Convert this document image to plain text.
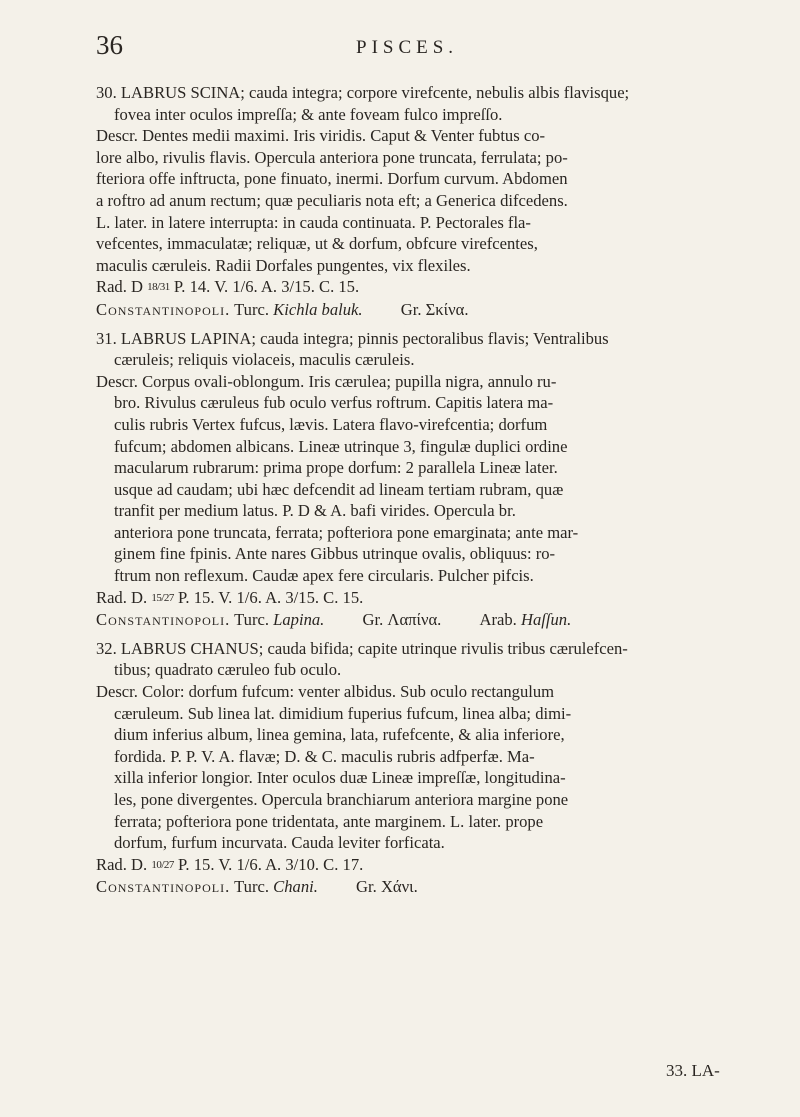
36	PISCES.

30. LABRUS SCINA; cauda integra; corpore virefcente, nebulis albis flavisque;

fovea inter oculos impreſſa; & ante foveam fulco impreſſo.

Descr. Dentes medii maximi. Iris viridis. Caput & Venter fubtus co-

lore albo, rivulis flavis. Opercula anteriora pone truncata, ferrulata; po-

fteriora offe inftructa, pone finuato, inermi. Dorfum curvum. Abdomen

a roftro ad anum rectum; quæ peculiaris nota eft; a Generica difcedens.

L. later. in latere interrupta: in cauda continuata. P. Pectorales fla-

vefcentes, immaculatæ; reliquæ, ut & dorfum, obfcure virefcentes,

maculis cæruleis. Radii Dorfales pungentes, vix flexiles.

Rad. D 18/31 P. 14. V. 1/6. A. 3/15. C. 15.

Constantinopoli. Turc. Kichla baluk. Gr. Σκίνα.

31. LABRUS LAPINA; cauda integra; pinnis pectoralibus flavis; Ventralibus

cæruleis; reliquis violaceis, maculis cæruleis.

Descr. Corpus ovali-oblongum. Iris cærulea; pupilla nigra, annulo ru-

bro. Rivulus cæruleus fub oculo verfus roftrum. Capitis latera ma-

culis rubris Vertex fufcus, lævis. Latera flavo-virefcentia; dorfum

fufcum; abdomen albicans. Lineæ utrinque 3, fingulæ duplici ordine

macularum rubrarum: prima prope dorfum: 2 parallela Lineæ later.

usque ad caudam; ubi hæc defcendit ad lineam tertiam rubram, quæ

tranfit per medium latus. P. D & A. bafi virides. Opercula br.

anteriora pone truncata, ferrata; pofteriora pone emarginata; ante mar-

ginem fine fpinis. Ante nares Gibbus utrinque ovalis, obliquus: ro-

ftrum non reflexum. Caudæ apex fere circularis. Pulcher pifcis.

Rad. D. 15/27 P. 15. V. 1/6. A. 3/15. C. 15.

Constantinopoli. Turc. Lapina. Gr. Λαπίνα. Arab. Haſſun.

32. LABRUS CHANUS; cauda bifida; capite utrinque rivulis tribus cærulefcen-

tibus; quadrato cæruleo fub oculo.

Descr. Color: dorfum fufcum: venter albidus. Sub oculo rectangulum

cæruleum. Sub linea lat. dimidium fuperius fufcum, linea alba; dimi-

dium inferius album, linea gemina, lata, rufefcente, & alia inferiore,

fordida. P. P. V. A. flavæ; D. & C. maculis rubris adfperfæ. Ma-

xilla inferior longior. Inter oculos duæ Lineæ impreſſæ, longitudina-

les, pone divergentes. Opercula branchiarum anteriora margine pone

ferrata; pofteriora pone tridentata, ante marginem. L. later. prope

dorfum, furfum incurvata. Cauda leviter forficata.

Rad. D. 10/27 P. 15. V. 1/6. A. 3/10. C. 17.

Constantinopoli. Turc. Chani. Gr. Χάνι.

33. LA-
